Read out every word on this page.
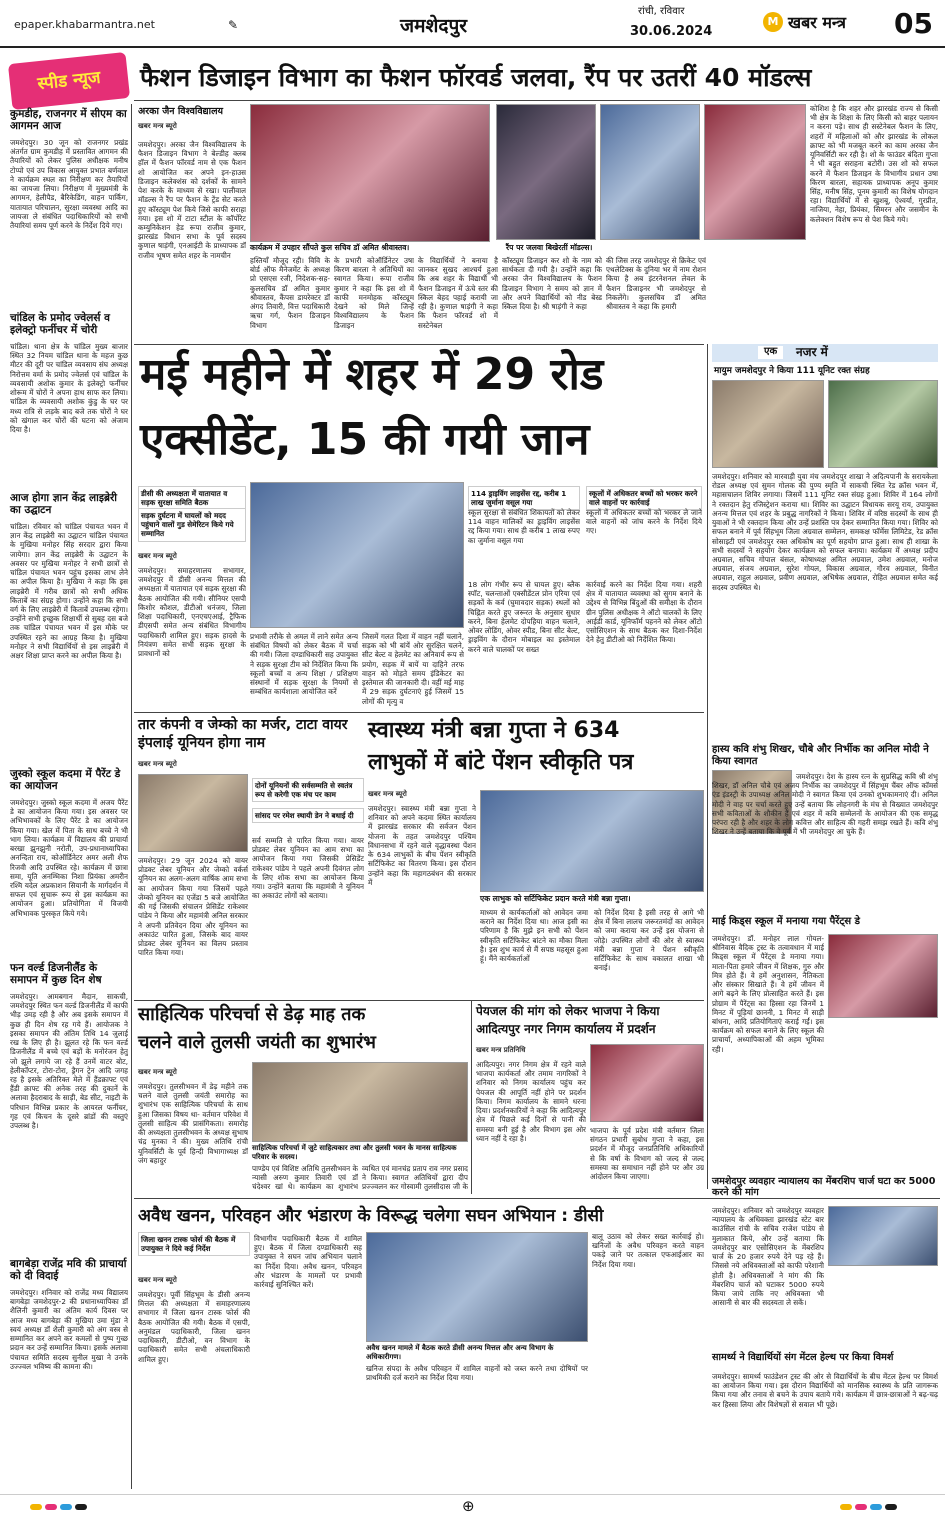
epaper.khabarmantra.net	✎	जमशेदपुर
रांची, रविवार
30.06.2024
M खबर मन्त्र 05
स्पीड न्यूज	फैशन डिजाइन विभाग का फैशन फॉरवर्ड जलवा, रैंप पर उतरीं 40 मॉडल्स
अरका जैन विश्वविद्यालय
खबर मन्त्र ब्यूरो
कार्यक्रम में उपहार सौंपते कुल सचिव डॉ अमित श्रीवास्तव।	रैंप पर जलवा बिखेरतीं मॉडल्स।
जमशेदपुर। अरका जैन विश्वविद्यालय के फैशन डिजाइन विभाग ने बेल्डीह क्लब हॉल में फैशन फॉरवर्ड नाम से एक फैशन शो आयोजित कर अपने इन-हाउस डिजाइन कलेक्शंस को दर्शकों के सामने पेश करके के माध्यम से रखा। पालीवाल मॉडल्स ने रैंप पर फैशन के ट्रेंड सेट करते हुए कॉस्ट्यूम पेश किये जिसे काफी सराहा गया। इस शो में टाटा स्टील के कॉर्पोरेट कम्युनिकेशन हेड रूपा राजीव कुमार, झारखंड विधान सभा के पूर्व सदस्य कुणाल षाड़ंगी, एनआईटी के प्राध्यापक डॉ राजीव भूषण समेत शहर के नामचीन
हस्तियाँ मौजूद रही। विवि के बोर्ड ऑफ मैनेजमेंट के अध्यक्ष प्रो एसएस रजी, निदेशक-सह-कुलसचिव डॉ अमित कुमार श्रीवास्तव, कैंपस डायरेक्टर डॉ अंगद तिवारी, वित्त पदाधिकारी ऋचा गर्ग, फैशन डिजाइन विभाग
के प्रभारी कोऑर्डिनेटर उषा किरण बारला ने अतिथियों का स्वागत किया। रूपा राजीव कुमार ने कहा कि इस शो में काफी मनमोहक कॉस्ट्यूम देखने को मिले जिन्हें विश्वविद्यालय के फैशन डिजाइन
के विद्यार्थियों ने बनाया है जानकर सुखद आश्चर्य हुआ कि अब शहर के विद्यार्थी भी फैशन डिजाइन में ऊंचे स्तर की स्किल बेहद पहाई करायी जा रही है। कुणाल षाड़ंगी ने कहा कि फैशन फॉरवर्ड शो में सस्टेनेबल
कॉस्ट्यूम डिजाइन कर शो के नाम को सार्थकता दी गयी है। उन्होंने कहा कि अरका जैन विश्वविद्यालय के फैशन डिजाइन विभाग ने समय को ज्ञान में और अपने विद्यार्थियों को नीड बेस्ड स्किल दिया है। श्री षाड़ंगी ने कहा
की जिस तरह जमशेदपुर से क्रिकेट एवं एथलेटिक्स के दुनिया भर में नाम रोशन किया है अब इंटरनेशनल लेवल के फैशन डिजाइनर भी जमशेदपुर से निकलेंगे। कुलसचिव डॉ अमित श्रीवास्तव ने कहा कि हमारी
कोशिश है कि शहर और झारखंड राज्य से किसी भी क्षेत्र के शिक्षा के लिए किसी को बाहर पलायन न करना पड़े। साथ ही सस्टेनेबल फैशन के लिए, शहरों में महिलाओं को और झारखंड के लोकल क्राफ्ट को भी मजबूत करने का काम अरका जैन यूनिवर्सिटी कर रही है। शो के फाउंडर बंदिता गुप्ता ने भी बहुत सराहना बटोरी। उस शो को सफल करने में फैशन डिजाइन के विभागीय प्रधान उषा किरण बारला, सहायक प्राध्यापक अनूप कुमार सिंह, मनीष सिंह, पूनम कुमारी का विशेष योगदान रहा। विद्यार्थियों में से खुशबू, ऐश्वर्या, गुरप्रीत, नाजिया, नेहा, प्रियंका, सिमरन और जसमीन के कलेक्शन विशेष रूप से पेश किये गये।
कुमडीह, राजनगर में सीएम का आगमन आज
जमशेदपुर। 30 जून को राजनगर प्रखंड अंतर्गत ग्राम कुमडीह में प्रस्तावित आगमन की तैयारियों को लेकर पुलिस अधीक्षक मनीष टोप्पो एवं उप विकास आयुक्त प्रभात बर्णवाल ने कार्यक्रम स्थल का निरीक्षण कर तैयारियों का जायजा लिया। निरीक्षण में मुख्यमंत्री के आगमन, हेलीपैड, बैरिकेडिंग, वाहन पार्किंग, यातायात परिचालन, सुरक्षा व्यवस्था आदि का जायजा ले संबंधित पदाधिकारियों को सभी तैयारियां समय पूर्ण करने के निर्देश दिये गए।
चांडिल के प्रमोद ज्वेलर्स व इलेक्ट्रो फर्नीचर में चोरी
चांडिल। थाना क्षेत्र के चांडिल मुख्य बाजार स्थित 32 नियम चांडिल थाना के महज कुछ मीटर की दूरी पर चांडिल व्यवसाय संघ अध्यक्ष निरोत्तम वर्मा के प्रमोद ज्वेलर्स एवं चांडिल के व्यवसायी अशोक कुमार के इलेक्ट्रो फर्नीचर शोरूम में चोरों ने अपना हाथ साफ कर लिया। चांडिल के व्यवसायी अशोक कुंडु के घर पर मध्य रात्रि से लड़के बाद बजे तक चोरों ने घर को खंगाल कर चोरों की घटना को अंजाम दिया है।
आज होगा ज्ञान केंद्र लाइब्रेरी का उद्घाटन
चांडिल। रविवार को चांडिल पंचायत भवन में ज्ञान केंद्र लाइब्रेरी का उद्घाटन चांडिल पंचायत के मुखिया मनोहर सिंह सरदार द्वारा किया जायेगा। ज्ञान केंद्र लाइब्रेरी के उद्घाटन के अवसर पर मुखिया मनोहर ने सभी छात्रों से चांडिल पंचायत भवन पहुंच इसका लाभ लेने का अपील किया है। मुखिया ने कहा कि इस लाइब्रेरी में गरीब छात्रों को सभी अधिक किताबें का संग्रह होगा। उन्होंने कहा कि सभी वर्ग के लिए लाइब्रेरी में किताबें उपलब्ध रहेगा। उन्होंने सभी इच्छुक शिक्षार्थी से सुबह दस बजे तक चांडिल पंचायत भवन में इस मौके पर उपस्थित रहने का आग्रह किया है। मुखिया मनोहर ने सभी विद्यार्थियों से इस लाइब्रेरी में अक्षर शिक्षा प्राप्त करने का अपील किया है।
जुस्को स्कूल कदमा में पैरेंट डे का आयोजन
जमशेदपुर। जुस्को स्कूल कदमा में अजय पैरेंट डे का आयोजन किया गया। इस अवसर पर अभिभावकों के लिए पैरेंट डे का आयोजन किया गया। खेल में पिता के साथ बच्चे ने भी भाग लिया। कार्यक्रम में विद्यालय की प्राचार्या बरखा झुनझुनी नरोती, उप-प्रधानाध्यापिका अनन्दिता राय, कोऑर्डिनेटर अमर अली शैफ रिजवी आदि उपस्थित रहे। कार्यक्रम में छात्रा समा, यूति अनम्भिका निशा प्रियंका अमरीन रश्मि यदेल अप्रकाशन सियानी के मार्गदर्शन में सफल एवं सुचारू रूप से इस कार्यक्रम का आयोजन हुआ। प्रतियोगिता में विजयी अभिभावक पुरस्कृत किये गये।
फन वर्ल्ड डिजनीलैंड के समापन में कुछ दिन शेष
जमशेदपुर। आमबगान मैदान, साकची, जमशेदपुर स्थित फन वर्ल्ड डिजनीलैंड में काफी भीड़ उमड़ रही है और अब इसके समापन में कुछ ही दिन शेष रह गये हैं। आयोजक ने इसका समापन की अंतिम तिथि 14 जुलाई रख के लिए ही है। झूलत रहे कि फन वर्ल्ड डिजनीलैंड में बच्चे एवं बड़ों के मनोरंजन हेतु जो झूले लगाये जा रहे हैं उनमें वाटर बोट, हेलीकॉप्टर, टोरा-टोरा, ड्रैगन ट्रेन आदि जगह रह है इसके अतिरिक्त मेले में हैंडक्राफ्ट एवं हैंडी क्राफ्ट की अनेक तरह की दुकानें के अलावा हैदराबाद के साड़ी, बेड सीट, नाइटी के परिधान विभिन्न प्रकार के आयरल फर्नीचर, गृह एवं किचन के दूसरे ब्रांडों की वस्तुएं उपलब्ध है।
बागबेड़ा राजेंद्र मवि की प्राचार्या को दी विदाई
जमशेदपुर। शनिवार को राजेंद्र मध्य विद्यालय बागबेड़ा जमशेदपुर-2 की प्रधानाध्यापिका डॉ शैलिनी कुमारी का अंतिम कार्य दिवस पर आज मध्य बागबेड़ा की मुखिया उमा मुंडा ने स्वयं अध्यक्ष डॉ शैली कुमारी को अंग वस्त्र से सम्मानित कर अपने कर कमलों से पुष्प गुच्छ प्रदान कर उन्हें सम्मानित किया। इसके अलावा पंचायत समिति सदस्य सुनील मुखा ने उनके उज्ज्वल भविष्य की कामना की।
मई महीने में शहर में 29 रोड
एक्सीडेंट, 15 की गयी जान
डीसी की अध्यक्षता में यातायात व सड़क सुरक्षा समिति बैठक
सड़क दुर्घटना में घायलों को मदद पहुंचाने वालों गुड सेमेरिटन किये गये सम्मानित
114 ड्राइविंग लाइसेंस रद्द, करीब 1 लाख जुर्माना वसूल गया
स्कूल सुरक्षा से संबंधित शिकायतों को लेकर 114 वाहन मालिकों का ड्राइविंग लाइसेंस रद्द किया गया। साथ ही करीब 1 लाख रुपए का जुर्माना वसूल गया
स्कूलों में अधिकतर बच्चों को भरकर करने वाले वाहनों पर कार्रवाई
स्कूलों में अधिकतर बच्चों को भरकर ले जाने वाले वाहनों को जांच करने के निर्देश दिये गए।
खबर मन्त्र ब्यूरो
जमशेदपुर। समाहरणालय सभागार, जमशेदपुर में डीसी अनन्य मित्तल की अध्यक्षता में यातायात एवं सड़क सुरक्षा की बैठक आयोजित की गयी। सीनियर एसपी किशोर कौशल, डीटीओ धनंजय, जिला शिक्षा पदाधिकारी, एनएचएआई, ट्रैफिक डीएसपी समेत अन्य संबंधित विभागीय पदाधिकारी शामिल हुए। सड़क हादसे के नियंत्रण समेत सभी सड़क सुरक्षा के प्रावधानों को
प्रभावी तरीके से अमल में लाने समेत अन्य संबंधित विषयों को लेकर बैठक में चर्चा की गयी। जिला दण्डाधिकारी सह उपायुक्त ने सड़क सुरक्षा टीम को निर्देशित किया कि स्कूलों बच्चों व अन्य शिक्षा / प्रशिक्षण संस्थानों में सड़क सुरक्षा के नियमों से सम्बंधित कार्यशाला आयोजित करें
जिसमें गलत दिशा में वाहन नहीं चलाने, सड़क को भी बांयें ओर सुरक्षित चलने, सीट बेल्ट व हेलमेट का अनिवार्य रूप से प्रयोग, सड़क में बायें या दाहिने तरफ वाहन को मोड़ते समय इंडिकेटर का इस्तेमाल की जानकारी दी। वहीं मई माह में 29 सड़क दुर्घटनाएं हुई जिसमें 15 लोगों की मृत्यु व
18 लोग गंभीर रूप से घायल हुए। ब्लैक स्पॉट, चलन्ताओं एक्सीडेंटल प्रोन एरिया एवं सड़कों के कर्व (घुमावदार सड़क) स्थलों को चिह्नित करते हुए जरूरत के अनुसार सुधार करने, बिना हेलमेट दोपहिया वाहन चलाने, ओवर लोडिंग, ओवर स्पीड, बिना सीट बेल्ट, ड्राइविंग के दौरान मोबाइल का इस्तेमाल करने वाले चालकों पर सख्त
कार्रवाई करने का निर्देश दिया गया। शहरी क्षेत्र में यातायात व्यवस्था को सुगम बनाने के उद्देश्य से विभिन्न बिंदुओं की समीक्षा के दौरान ग्रीन पुलिस अधीक्षक ने ऑटो चालकों के लिए आईडी कार्ड, यूनिफॉर्म पहनने को लेकर ऑटो एसोसिएशन के साथ बैठक कर दिशा-निर्देश देने हेतु डीटीओ को निर्देशित किया।
एक	नजर में
मायुम जमशेदपुर ने किया 111 यूनिट रक्त संग्रह
जमशेदपुर। शनिवार को मारवाड़ी युवा मंच जमशेदपुर शाखा ने अदित्यपानी के सरायकेला रोडल अध्यक्ष एवं सुमन गोलक की पुण्य स्मृति में साकची स्थित रेड क्रॉस भवन में, महासचालन शिविर लगाया। जिसमें 111 यूनिट रक्त संग्रह हुआ। शिविर में 164 लोगों ने रक्तदान हेतु रजिस्ट्रेशन कराया था। शिविर का उद्घाटन विधायक सरयू राय, उपायुक्त अनन्य मित्तल एवं शहर के प्रबुद्ध नागरिकों ने किया। शिविर में वरिष्ठ सदस्यों के साथ ही युवाओं ने भी रक्तदान किया और उन्हें प्रशस्ति पत्र देकर सम्मानित किया गया। शिविर को सफल बनाने में पूर्व सिंहभूम जिला अग्रवाल सम्मेलन, समकक्ष फॉर्मेस लिमिटेड, रेड क्रॉस सोसाइटी एवं जमशेदपुर रक्त अधिकोष का पूर्ण सहयोग प्राप्त हुआ। साथ ही शाखा के सभी सदस्यों ने सहयोग देकर कार्यक्रम को सफल बनाया। कार्यक्रम में अध्यक्ष प्रदीप अग्रवाल, सचिव गोपाल बंसल, कोषाध्यक्ष अमित अग्रवाल, उमेश अग्रवाल, मनोज अग्रवाल, संजय अग्रवाल, सुरेश गोयल, विकास अग्रवाल, गौरव अग्रवाल, विनीत अग्रवाल, राहुल अग्रवाल, प्रवीण अग्रवाल, अभिषेक अग्रवाल, रोहित अग्रवाल समेत कई सदस्य उपस्थित थे।
हास्य कवि शंभु शिखर, चौबे और निर्भीक का अनिल मोदी ने किया स्वागत
जमशेदपुर। देश के हास्य रत्न के सुप्रसिद्ध कवि श्री शंभू शिखर, डॉ अनिल चौबे एवं अजय निर्भीक का जमशेदपुर में सिंहभूम चैंबर ऑफ कॉमर्स एंड इंडस्ट्री के उपाध्यक्ष अनिल मोदी ने स्वागत किया एवं उनको शुभकामनाएं दी। अनिल मोदी ने वाह पर चर्चा करते हुए उन्हें बताया कि लोहनगरी के मंच से विख्यात जमशेदपुर सभी कविताओं के शौकीन हैं एवं शहर में कवि सम्मेलनों के आयोजन की एक समृद्ध परंपरा रही है और शहर के लोग कवित्त और साहित्य की गहरी समझ रखते हैं। कवि शंभु शिखर ने उन्हें बताया कि वे पूर्व में भी जमशेदपुर आ चुके हैं।
माई किड्स स्कूल में मनाया गया पैरेंट्स डे
जमशेदपुर। डॉ. मनोहर लाल गोयल-श्रीनिवास वैदिक ट्रस्ट के तत्वावधान में माई किड्स स्कूल में पैरेंट्स डे मनाया गया। माता-पिता हमारे जीवन में शिक्षक, गुरु और मित्र होते हैं। वे हमें अनुशासन, नैतिकता और संस्कार सिखाते हैं। वे हमें जीवन में आगे बढ़ने के लिए प्रोत्साहित करते हैं। इस प्रोग्राम में पैरेंट्स का हिस्सा रहा जिनमें 1 मिनट में पूड़ियां छाननी, 1 मिनट में साड़ी बांधना, आदि प्रतियोगिताएं कराई गईं। इस कार्यक्रम को सफल बनाने के लिए स्कूल की प्राचार्या, अध्यापिकाओं की अहम भूमिका रही।
तार कंपनी व जेम्को का मर्जर, टाटा वायर इंपलाई यूनियन होगा नाम
खबर मन्त्र ब्यूरो
दोनों यूनियनों की सर्वसम्मति से स्वतंत्र रूप से करेगी एक मंच पर काम
सांसद पर रमेश स्थायी डेन ने बधाई दी
जमशेदपुर। 29 जून 2024 को वायर प्रोडक्ट लेबर यूनियन और जेम्को वर्कर्स यूनियन का अलग-अलग वार्षिक आम सभा का आयोजन किया गया जिसमें पहले जेम्को यूनियन का एजेंडा 5 बजे आयोजित की गई जिसकी संचालन प्रेसिडेंट राकेश्वर पांडेय ने किया और महामंत्री अनिल सरकार ने अपनी प्रतिवेदन दिया और यूनियन का अकाउंट पारित हुआ, जिसके बाद वायर प्रोडक्ट लेबर यूनियन का विलय प्रस्ताव पारित किया गया।
सर्व सम्मति से पारित किया गया। वायर प्रोडक्ट लेबर यूनियन का आम सभा का आयोजन किया गया जिसकी प्रेसिडेंट राकेश्वर पांडेय ने पहले अपनी दिवंगत लोग के लिए शोक सभा का आयोजन किया गया। उन्होंने बताया कि महामंत्री ने यूनियन का अकाउंट लोगों को बताया।
स्वास्थ्य मंत्री बन्ना गुप्ता ने 634
लाभुकों में बांटे पेंशन स्वीकृति पत्र
खबर मन्त्र ब्यूरो
जमशेदपुर। स्वास्थ्य मंत्री बन्ना गुप्ता ने शनिवार को अपने कदमा स्थित कार्यालय में झारखंड सरकार की सर्वजन पेंशन योजना के तहत जमशेदपुर पश्चिम विधानसभा में रहने वाले वृद्धावस्था पेंशन के 634 लाभुकों के बीच पेंशन स्वीकृति सर्टिफिकेट का वितरण किया। इस दौरान उन्होंने कहा कि महागठबंधन की सरकार में
एक लाभुक को सर्टिफिकेट प्रदान करते मंत्री बन्ना गुप्ता।
माध्यम से कार्यकर्ताओं को आवेदन जमा कराने का निर्देश दिया था। आज इसी का परिणाम है कि मुझे इन सभी को पेंशन स्वीकृति सर्टिफिकेट बांटने का मौका मिला है। इस शुभ कार्य से मैं सपष्ठ महसूस हुआ हूं। मैंने कार्यकर्ताओं
को निर्देश दिया है इसी तरह से आगे भी क्षेत्र में बिना लालच जरूरतमंदों का आवेदन को जमा कराया कर उन्हें इस योजना से जोड़े। उपस्थित लोगों की ओर से स्वास्थ्य मंत्री बन्ना गुप्ता ने पेंशन स्वीकृति सर्टिफिकेट के साथ वकालत शाखा भी बनाई।
साहित्यिक परिचर्चा से डेढ़ माह तक
चलने वाले तुलसी जयंती का शुभारंभ
खबर मन्त्र ब्यूरो
जमशेदपुर। तुलसीभवन में डेढ़ महीने तक चलने वाले तुलसी जयंती समारोह का शुभारंभ एक साहित्यिक परिचर्चा के साथ हुआ जिसका विषय था- वर्तमान परिवेश में तुलसी साहित्य की प्रासंगिकता। समारोह की अध्यक्षता तुलसीभवन के अध्यक्ष सुभाष चंद्र मुनका ने की। मुख्य अतिथि रांची यूनिवर्सिटी के पूर्व हिन्दी विभागाध्यक्ष डॉ जंग बहादुर
साहित्यिक परिचर्चा में जुटे साहित्यकार तथा और तुलसी भवन के मानस साहित्यक परिवार के सदस्य।
पाण्डेय एवं विशिष्ट अतिथि तुलसीभवन के न्यासी अरुण कुमार तिवारी एवं डॉ चंदेश्वर खां थे। कार्यक्रम का शुभारंभ
व्यथित एवं मानचंद्र प्रताप राव नगर प्रसाद ने किया। स्वागत अतिथियों द्वारा दीप प्रज्ज्वलन कर गोस्वामी तुलसीदास जी के
पेयजल की मांग को लेकर भाजपा ने किया
आदित्यपुर नगर निगम कार्यालय में प्रदर्शन
खबर मन्त्र प्रतिनिधि
आदित्यपुर। नगर निगम क्षेत्र में रहने वाले भाजपा कार्यकर्ता और तमाम नागरिकों ने शनिवार को निगम कार्यालय पहुंच कर पेयजल की आपूर्ति नहीं होने पर प्रदर्शन किया। निगम कार्यालय के सामने धरना दिया। प्रदर्शनकारियों ने कहा कि आदित्यपुर क्षेत्र में पिछले कई दिनों से पानी की समस्या बनी हुई है और विभाग इस ओर ध्यान नहीं दे रहा है।
भाजपा के पूर्व प्रदेश मंत्री वर्तमान जिला संगठन प्रभारी सुबोध गुप्ता ने कहा, इस प्रदर्शन में मौजूद जनप्रतिनिधि अधिकारियों से कि वर्षा के विभाग को जल्द से जल्द समस्या का समाधान नहीं होने पर और उग्र आंदोलन किया जाएगा।	जमशेदपुर व्यवहार न्यायालय का मेंबरशिप चार्ज घटा कर 5000 करने की मांग
जमशेदपुर। शनिवार को जमशेदपुर व्यवहार न्यायालय के अधिवक्ता झारखंड स्टेट बार काउंसिल रांची के सचिव राजेश पांडेय से मुलाकात किये, और उन्हें बताया कि जमशेदपुर बार एसोसिएशन के मेंबरशिप चार्ज के 20 हजार रुपये देने पड़ रहे हैं। जिससे नये अधिवक्ताओं को काफी परेशानी होती है। अधिवक्ताओं ने मांग की कि मेंबरशिप चार्ज को घटाकर 5000 रुपये किया जाये ताकि नए अधिवक्ता भी आसानी से बार की सदस्यता ले सकें।
सामर्थ्य ने विद्यार्थियों संग मेंटल हेल्थ पर किया विमर्श
जमशेदपुर। सामर्थ्य फाउंडेशन ट्रस्ट की ओर से विद्यार्थियों के बीच मेंटल हेल्थ पर विमर्श का आयोजन किया गया। इस दौरान विद्यार्थियों को मानसिक स्वास्थ्य के प्रति जागरूक किया गया और तनाव से बचने के उपाय बताये गये। कार्यक्रम में छात्र-छात्राओं ने बढ़-चढ़ कर हिस्सा लिया और विशेषज्ञों से सवाल भी पूछे।
अवैध खनन, परिवहन और भंडारण के विरूद्ध चलेगा सघन अभियान : डीसी
जिला खनन टास्क फोर्स की बैठक में उपायुक्त ने दिये कई निर्देश
खबर मन्त्र ब्यूरो
जमशेदपुर। पूर्वी सिंहभूम के डीसी अनन्य मित्तल की अध्यक्षता में समाहरणालय सभागार में जिला खनन टास्क फोर्स की बैठक आयोजित की गयी। बैठक में एसपी, अनुमंडल पदाधिकारी, जिला खनन पदाधिकारी, डीटीओ, वन विभाग के पदाधिकारी समेत सभी अंचलाधिकारी शामिल हुए।
विभागीय पदाधिकारी बैठक में शामिल हुए। बैठक में जिला दण्डाधिकारी सह उपायुक्त ने सघन जांच अभियान चलाने का निर्देश दिया। अवैध खनन, परिवहन और भंडारण के मामलों पर प्रभावी कार्रवाई सुनिश्चित करें।
अवैध खनन मामले में बैठक करते डीसी अनन्य मित्तल और अन्य विभाग के अधिकारीगण।
खनिज संपदा के अवैध परिवहन में शामिल वाहनों को जब्त करने तथा दोषियों पर प्राथमिकी दर्ज कराने का निर्देश दिया गया।
बालू उठाव को लेकर सख्त कार्रवाई हो। खनिजों के अवैध परिवहन करते वाहन पकड़े जाने पर तत्काल एफआईआर का निर्देश दिया गया।
⊕
